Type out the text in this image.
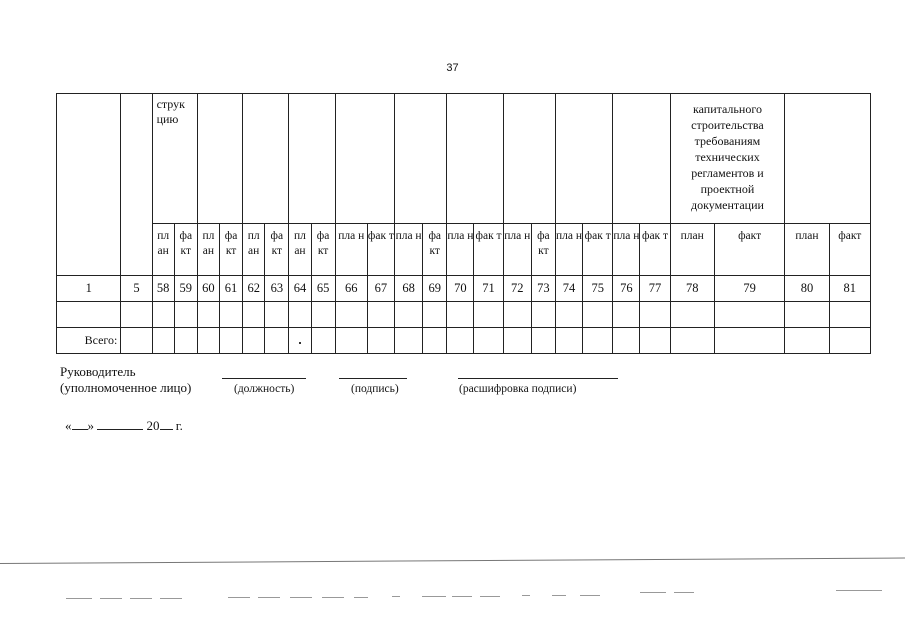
37
		струк цию																				капитального строительства требованиям технических регламентов и проектной документации			
		пл ан	фа кт	пл ан	фа кт	пл ан	фа кт	пл ан	фа кт	пла н	фак т	пла н	фа кт	пла н	фак т	пла н	фа кт	пла н	фак т	пла н	фак т	план	факт	план	факт
1	5	58	59	60	61	62	63	64	65	66	67	68	69	70	71	72	73	74	75	76	77	78	79	80	81

Всего:																									
Руководитель
(уполномоченное лицо)	(должность)	(подпись)	(расшифровка подписи)
« »	20 г.
